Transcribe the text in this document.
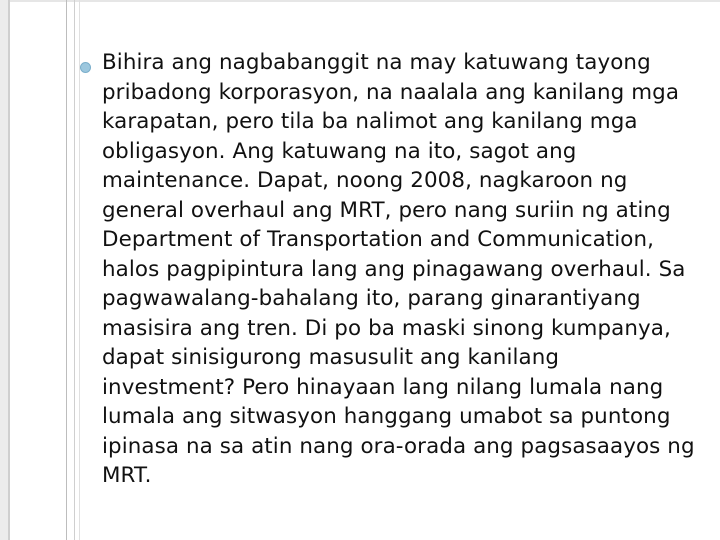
Bihira ang nagbabanggit na may katuwang tayong
pribadong korporasyon, na naalala ang kanilang mga
karapatan, pero tila ba nalimot ang kanilang mga
obligasyon. Ang katuwang na ito, sagot ang
maintenance. Dapat, noong 2008, nagkaroon ng
general overhaul ang MRT, pero nang suriin ng ating
Department of Transportation and Communication,
halos pagpipintura lang ang pinagawang overhaul. Sa
pagwawalang-bahalang ito, parang ginarantiyang
masisira ang tren. Di po ba maski sinong kumpanya,
dapat sinisigurong masusulit ang kanilang
investment? Pero hinayaan lang nilang lumala nang
lumala ang sitwasyon hanggang umabot sa puntong
ipinasa na sa atin nang ora-orada ang pagsasaayos ng
MRT.
